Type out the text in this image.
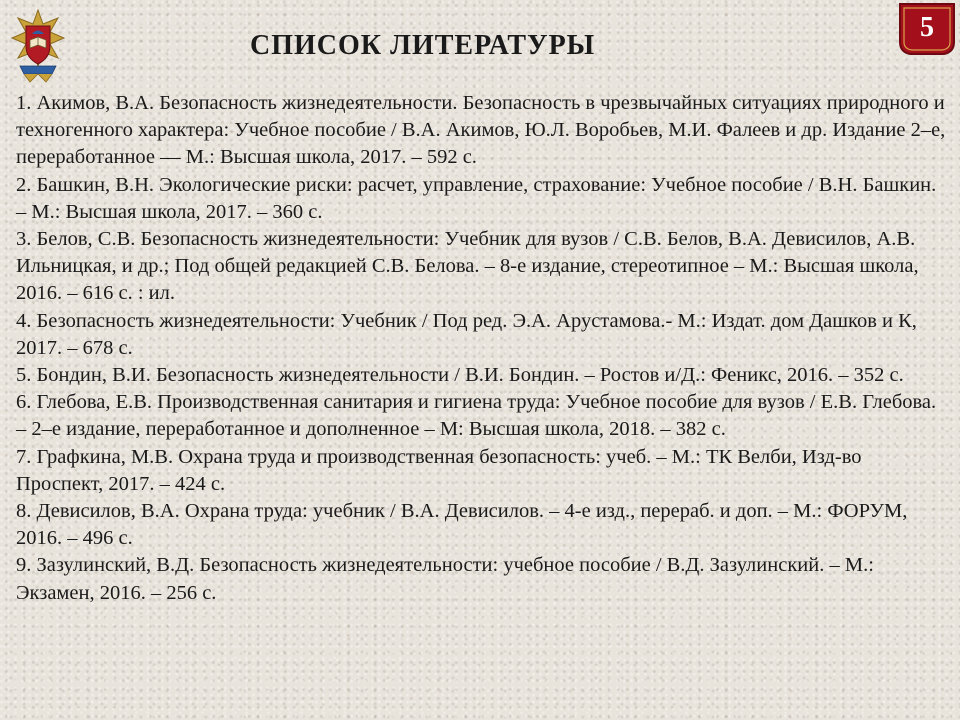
СПИСОК ЛИТЕРАТУРЫ
5
1 . Акимов, В.А. Безопасность жизнедеятельности. Безопасность в чрезвычайных ситуациях природного и техногенного характера: Учебное пособие / В.А. Акимов, Ю.Л. Воробьев, М.И. Фалеев и др. Издание 2–е, переработанное –– М.: Высшая школа, 2017. – 592 с.
2 . Башкин, В.Н. Экологические риски: расчет, управление, страхование: Учебное пособие / В.Н. Башкин. – М.: Высшая школа, 2017. – 360 с.
3 . Белов, С.В. Безопасность жизнедеятельности: Учебник для вузов / С.В. Белов, В.А. Девисилов, А.В. Ильницкая, и др.; Под общей редакцией С.В. Белова. – 8-е издание, стереотипное – М.: Высшая школа, 2016. – 616 с. : ил.
4 . Безопасность жизнедеятельности: Учебник / Под ред. Э.А. Арустамова.- М.: Издат. дом Дашков и К, 2017. – 678 с.
5 . Бондин, В.И. Безопасность жизнедеятельности / В.И. Бондин. – Ростов и/Д.: Феникс, 2016. – 352 с.
6 . Глебова, Е.В. Производственная санитария и гигиена труда: Учебное пособие для вузов / Е.В. Глебова. – 2–е издание, переработанное и дополненное – М: Высшая школа, 2018. – 382 с.
7 . Графкина, М.В. Охрана труда и производственная безопасность: учеб. – М.: ТК Велби, Изд-во Проспект, 2017. – 424 с.
8 . Девисилов, В.А. Охрана труда: учебник / В.А. Девисилов. – 4-е изд., перераб. и доп. – М.: ФОРУМ, 2016. – 496 с.
9 . Зазулинский, В.Д. Безопасность жизнедеятельности: учебное пособие / В.Д. Зазулинский. – М.: Экзамен, 2016. – 256 с.
